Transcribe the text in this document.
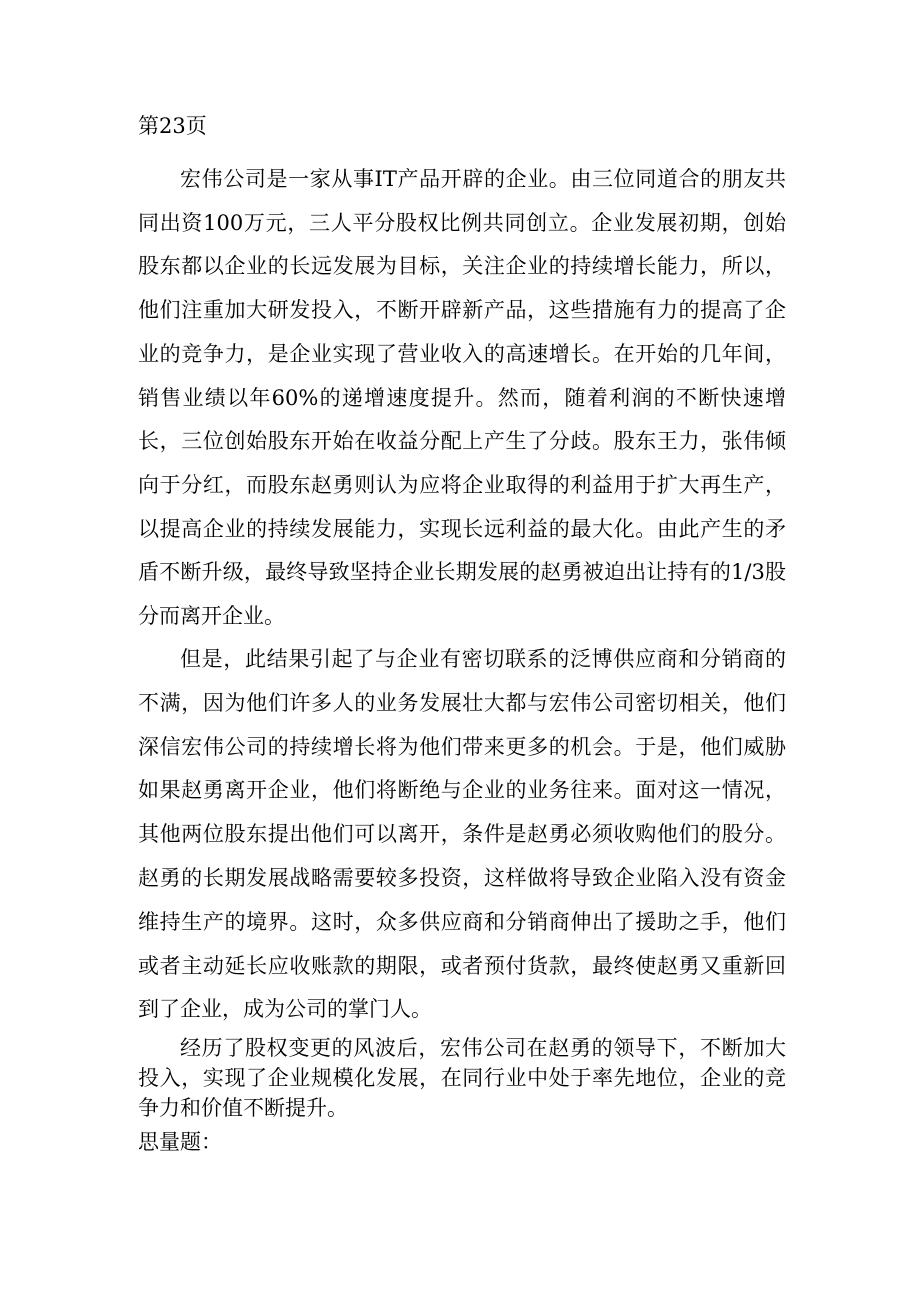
第23页

宏伟公司是一家从事IT产品开辟的企业。由三位同道合的朋友共同出资100万元，三人平分股权比例共同创立。企业发展初期，创始股东都以企业的长远发展为目标，关注企业的持续增长能力，所以，他们注重加大研发投入，不断开辟新产品，这些措施有力的提高了企业的竞争力，是企业实现了营业收入的高速增长。在开始的几年间，销售业绩以年60%的递增速度提升。然而，随着利润的不断快速增长，三位创始股东开始在收益分配上产生了分歧。股东王力，张伟倾向于分红，而股东赵勇则认为应将企业取得的利益用于扩大再生产，以提高企业的持续发展能力，实现长远利益的最大化。由此产生的矛盾不断升级，最终导致坚持企业长期发展的赵勇被迫出让持有的1/3股分而离开企业。

但是，此结果引起了与企业有密切联系的泛博供应商和分销商的不满，因为他们许多人的业务发展壮大都与宏伟公司密切相关，他们深信宏伟公司的持续增长将为他们带来更多的机会。于是，他们威胁如果赵勇离开企业，他们将断绝与企业的业务往来。面对这一情况，其他两位股东提出他们可以离开，条件是赵勇必须收购他们的股分。赵勇的长期发展战略需要较多投资，这样做将导致企业陷入没有资金维持生产的境界。这时，众多供应商和分销商伸出了援助之手，他们或者主动延长应收账款的期限，或者预付货款，最终使赵勇又重新回到了企业，成为公司的掌门人。

经历了股权变更的风波后，宏伟公司在赵勇的领导下，不断加大投入，实现了企业规模化发展，在同行业中处于率先地位，企业的竞争力和价值不断提升。

思量题：
